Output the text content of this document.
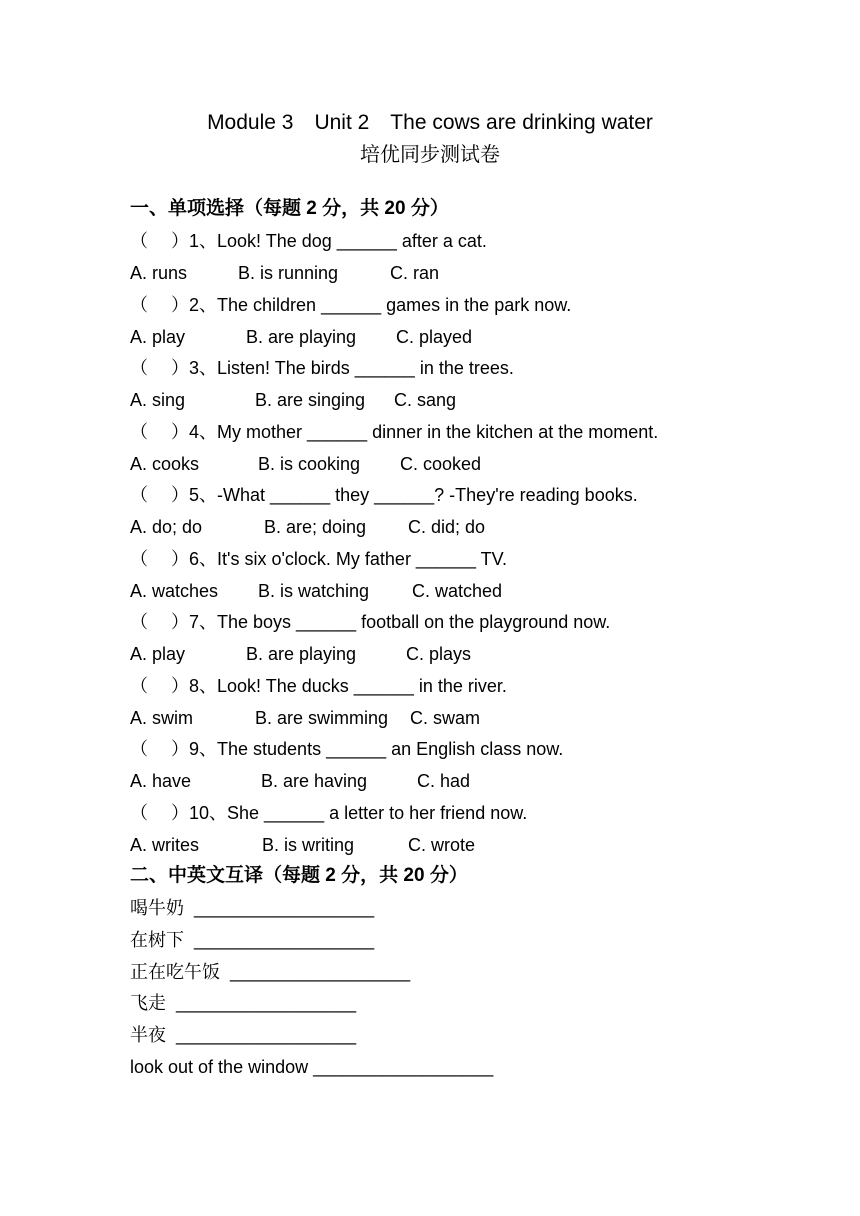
Module 3　Unit 2　The cows are drinking water
培优同步测试卷
一、单项选择（每题 2 分，共 20 分）
（　 ）1、Look! The dog ______ after a cat.

A. runs

	B. is running

	C. ran

（　 ）2、The children ______ games in the park now.

A. play

	B. are playing

C. played

（　 ）3、Listen! The birds ______ in the trees.

A. sing

	B. are singing

C. sang

（　 ）4、My mother ______ dinner in the kitchen at the moment.

A. cooks

	B. is cooking

C. cooked

（　 ）5、-What ______ they ______? -They're reading books.

A. do; do

	B. are; doing

C. did; do

（　 ）6、It's six o'clock. My father ______ TV.

A. watches

B. is watching

C. watched

（　 ）7、The boys ______ football on the playground now.

A. play

	B. are playing

	C. plays

（　 ）8、Look! The ducks ______ in the river.

A. swim

	B. are swimming

C. swam

（　 ）9、The students ______ an English class now.

A. have

	B. are having

	C. had

（　 ）10、She ______ a letter to her friend now.

A. writes

	B. is writing

	C. wrote

二、中英文互译（每题 2 分，共 20 分）
喝牛奶  __________________
在树下  __________________
正在吃午饭  __________________
飞走  __________________
半夜  __________________
look out of the window __________________
